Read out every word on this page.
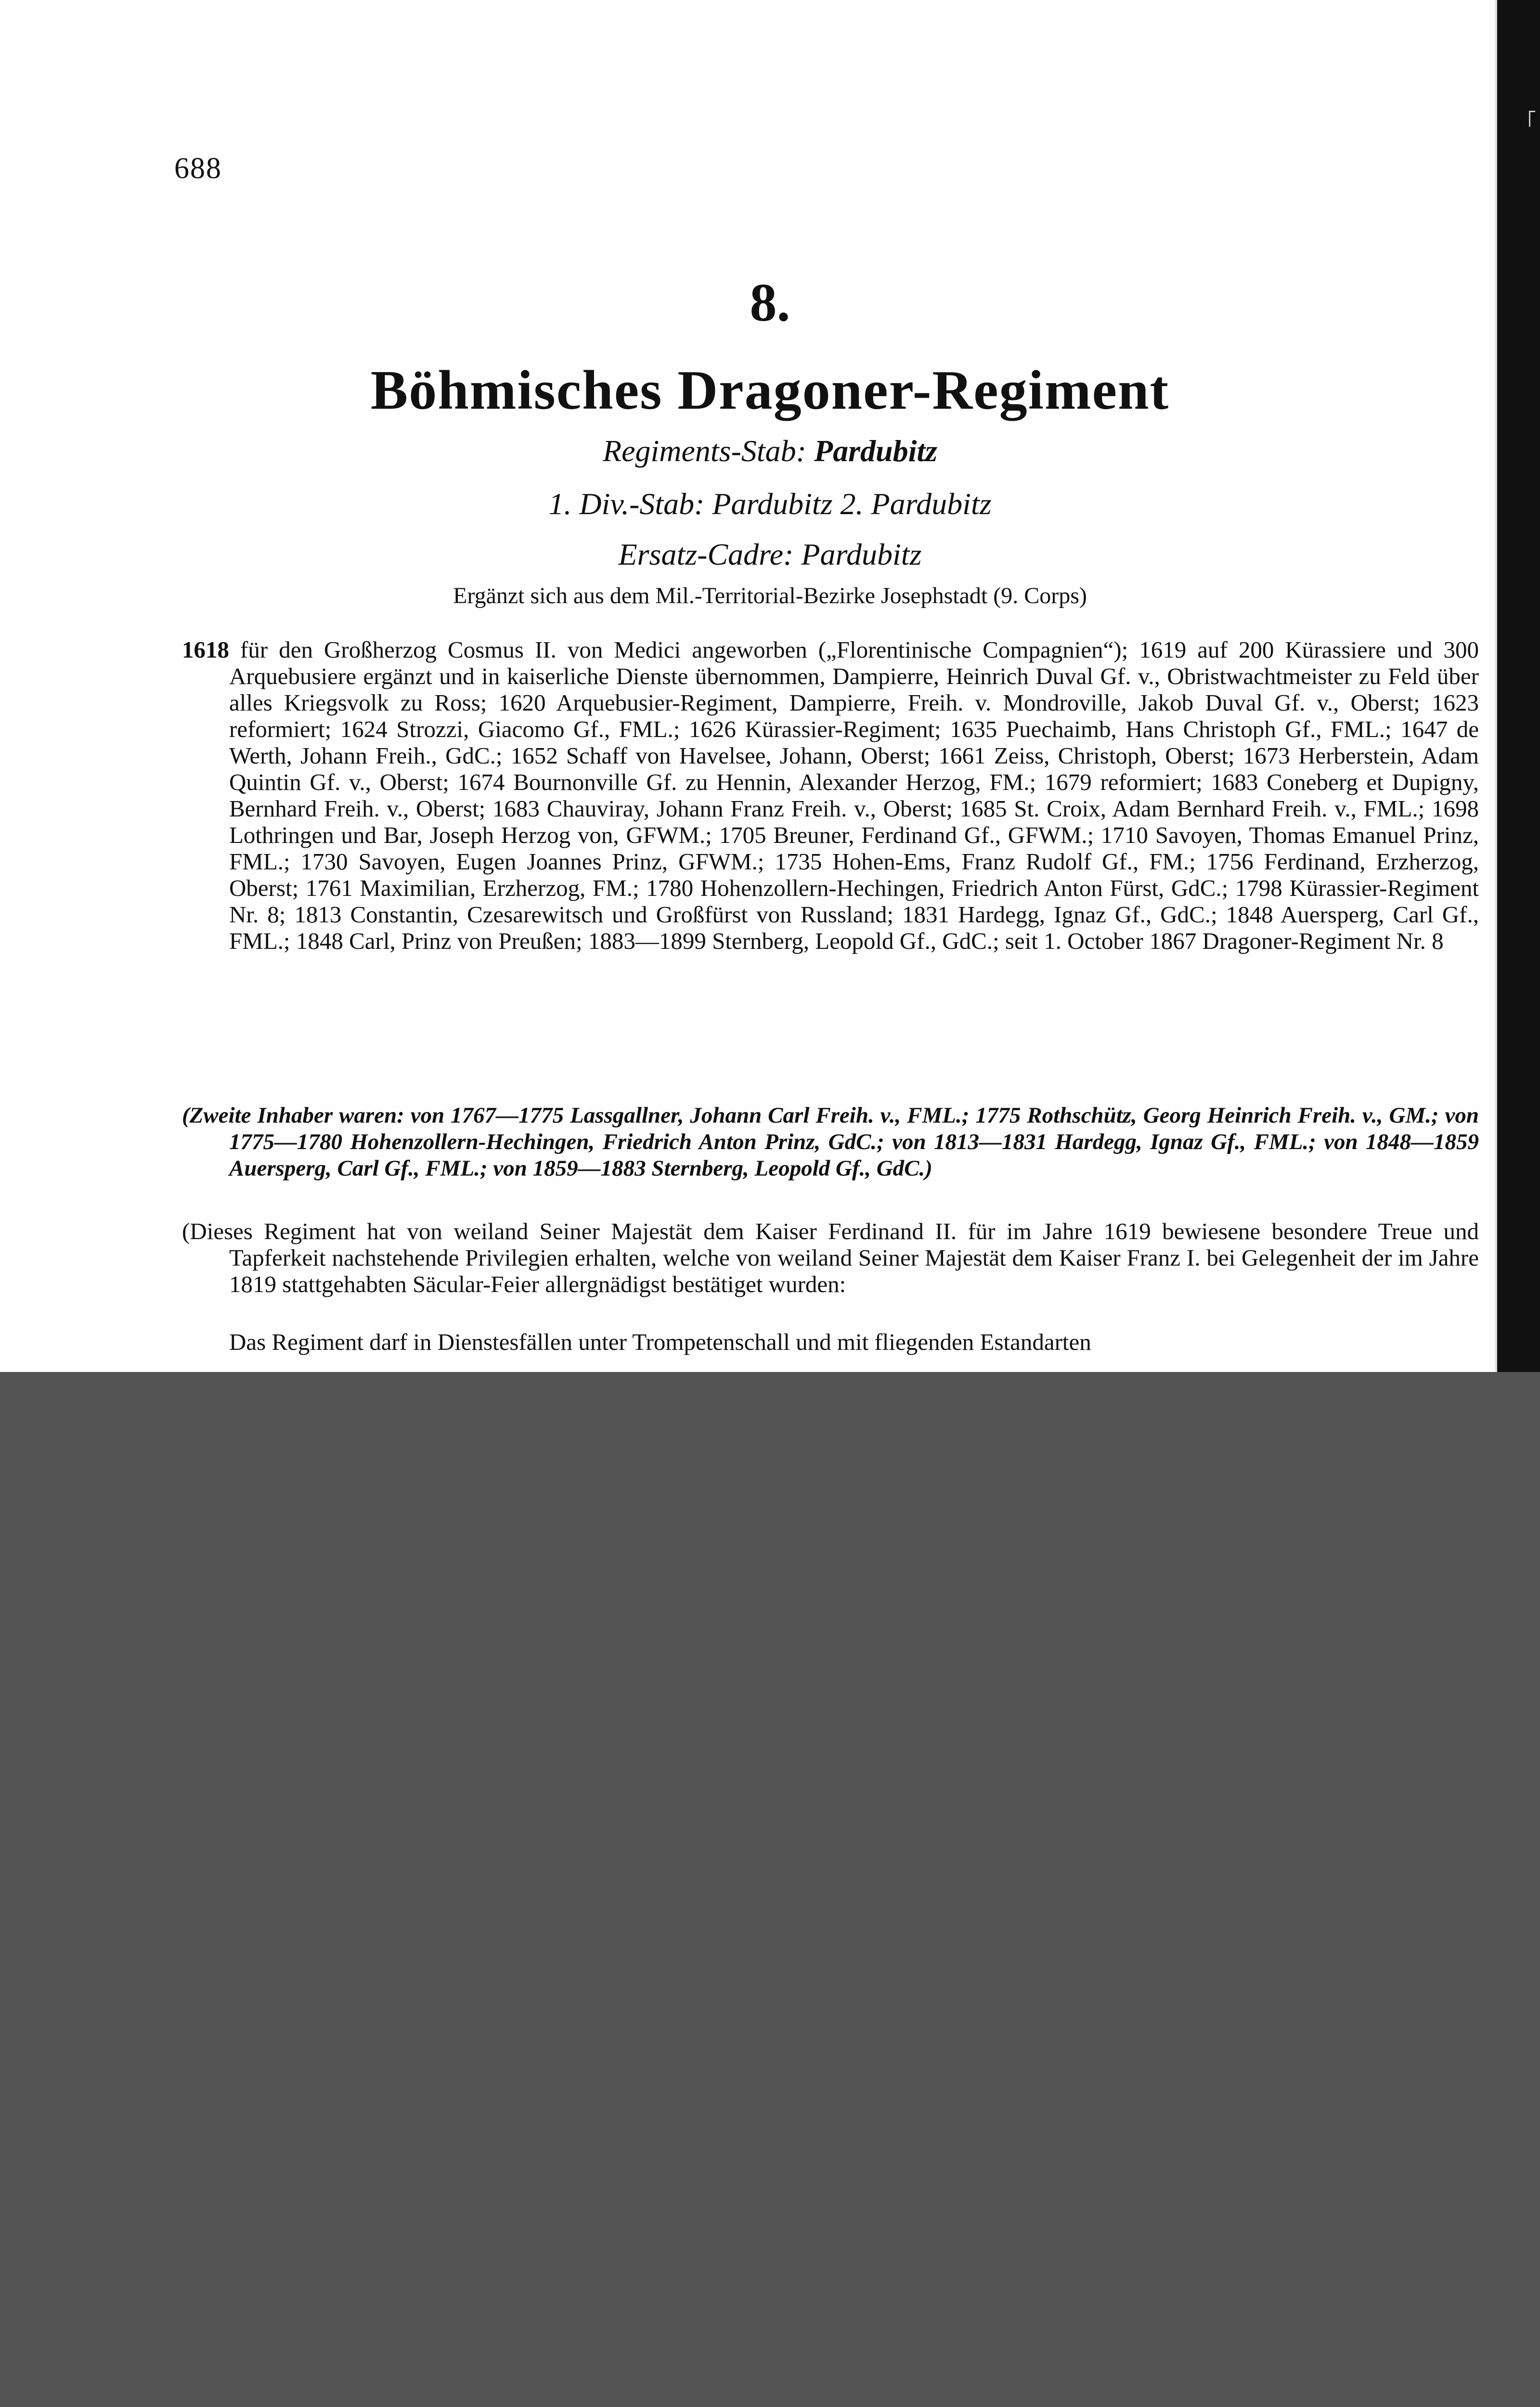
688
8.
Böhmisches Dragoner-Regiment
Regiments-Stab: Pardubitz
1. Div.-Stab: Pardubitz 2. Pardubitz
Ersatz-Cadre: Pardubitz
Ergänzt sich aus dem Mil.-Territorial-Bezirke Josephstadt (9. Corps)
1618 für den Großherzog Cosmus II. von Medici angeworben („Florentinische Compagnien“); 1619 auf 200 Kürassiere und 300 Arquebusiere ergänzt und in kaiserliche Dienste übernommen, Dampierre, Heinrich Duval Gf. v., Obristwachtmeister zu Feld über alles Kriegsvolk zu Ross; 1620 Arquebusier-Regiment, Dampierre, Freih. v. Mondroville, Jakob Duval Gf. v., Oberst; 1623 reformiert; 1624 Strozzi, Giacomo Gf., FML.; 1626 Kürassier-Regiment; 1635 Puechaimb, Hans Christoph Gf., FML.; 1647 de Werth, Johann Freih., GdC.; 1652 Schaff von Havelsee, Johann, Oberst; 1661 Zeiss, Christoph, Oberst; 1673 Herberstein, Adam Quintin Gf. v., Oberst; 1674 Bournonville Gf. zu Hennin, Alexander Herzog, FM.; 1679 reformiert; 1683 Coneberg et Dupigny, Bernhard Freih. v., Oberst; 1683 Chauviray, Johann Franz Freih. v., Oberst; 1685 St. Croix, Adam Bernhard Freih. v., FML.; 1698 Lothringen und Bar, Joseph Herzog von, GFWM.; 1705 Breuner, Ferdinand Gf., GFWM.; 1710 Savoyen, Thomas Emanuel Prinz, FML.; 1730 Savoyen, Eugen Joannes Prinz, GFWM.; 1735 Hohen-Ems, Franz Rudolf Gf., FM.; 1756 Ferdinand, Erzherzog, Oberst; 1761 Maximilian, Erzherzog, FM.; 1780 Hohenzollern-Hechingen, Friedrich Anton Fürst, GdC.; 1798 Kürassier-Regiment Nr. 8; 1813 Constantin, Czesarewitsch und Großfürst von Russland; 1831 Hardegg, Ignaz Gf., GdC.; 1848 Auersperg, Carl Gf., FML.; 1848 Carl, Prinz von Preußen; 1883—1899 Sternberg, Leopold Gf., GdC.; seit 1. October 1867 Dragoner-Regiment Nr. 8
(Zweite Inhaber waren: von 1767—1775 Lassgallner, Johann Carl Freih. v., FML.; 1775 Rothschütz, Georg Heinrich Freih. v., GM.; von 1775—1780 Hohenzollern-Hechingen, Friedrich Anton Prinz, GdC.; von 1813—1831 Hardegg, Ignaz Gf., FML.; von 1848—1859 Auersperg, Carl Gf., FML.; von 1859—1883 Sternberg, Leopold Gf., GdC.)
(Dieses Regiment hat von weiland Seiner Majestät dem Kaiser Ferdinand II. für im Jahre 1619 bewiesene besondere Treue und Tapferkeit nachstehende Privilegien erhalten, welche von weiland Seiner Majestät dem Kaiser Franz I. bei Gelegenheit der im Jahre 1819 stattgehabten Säcular-Feier allergnädigst bestätiget wurden:
Das Regiment darf in Dienstesfällen unter Trompetenschall und mit fliegenden Estandarten
